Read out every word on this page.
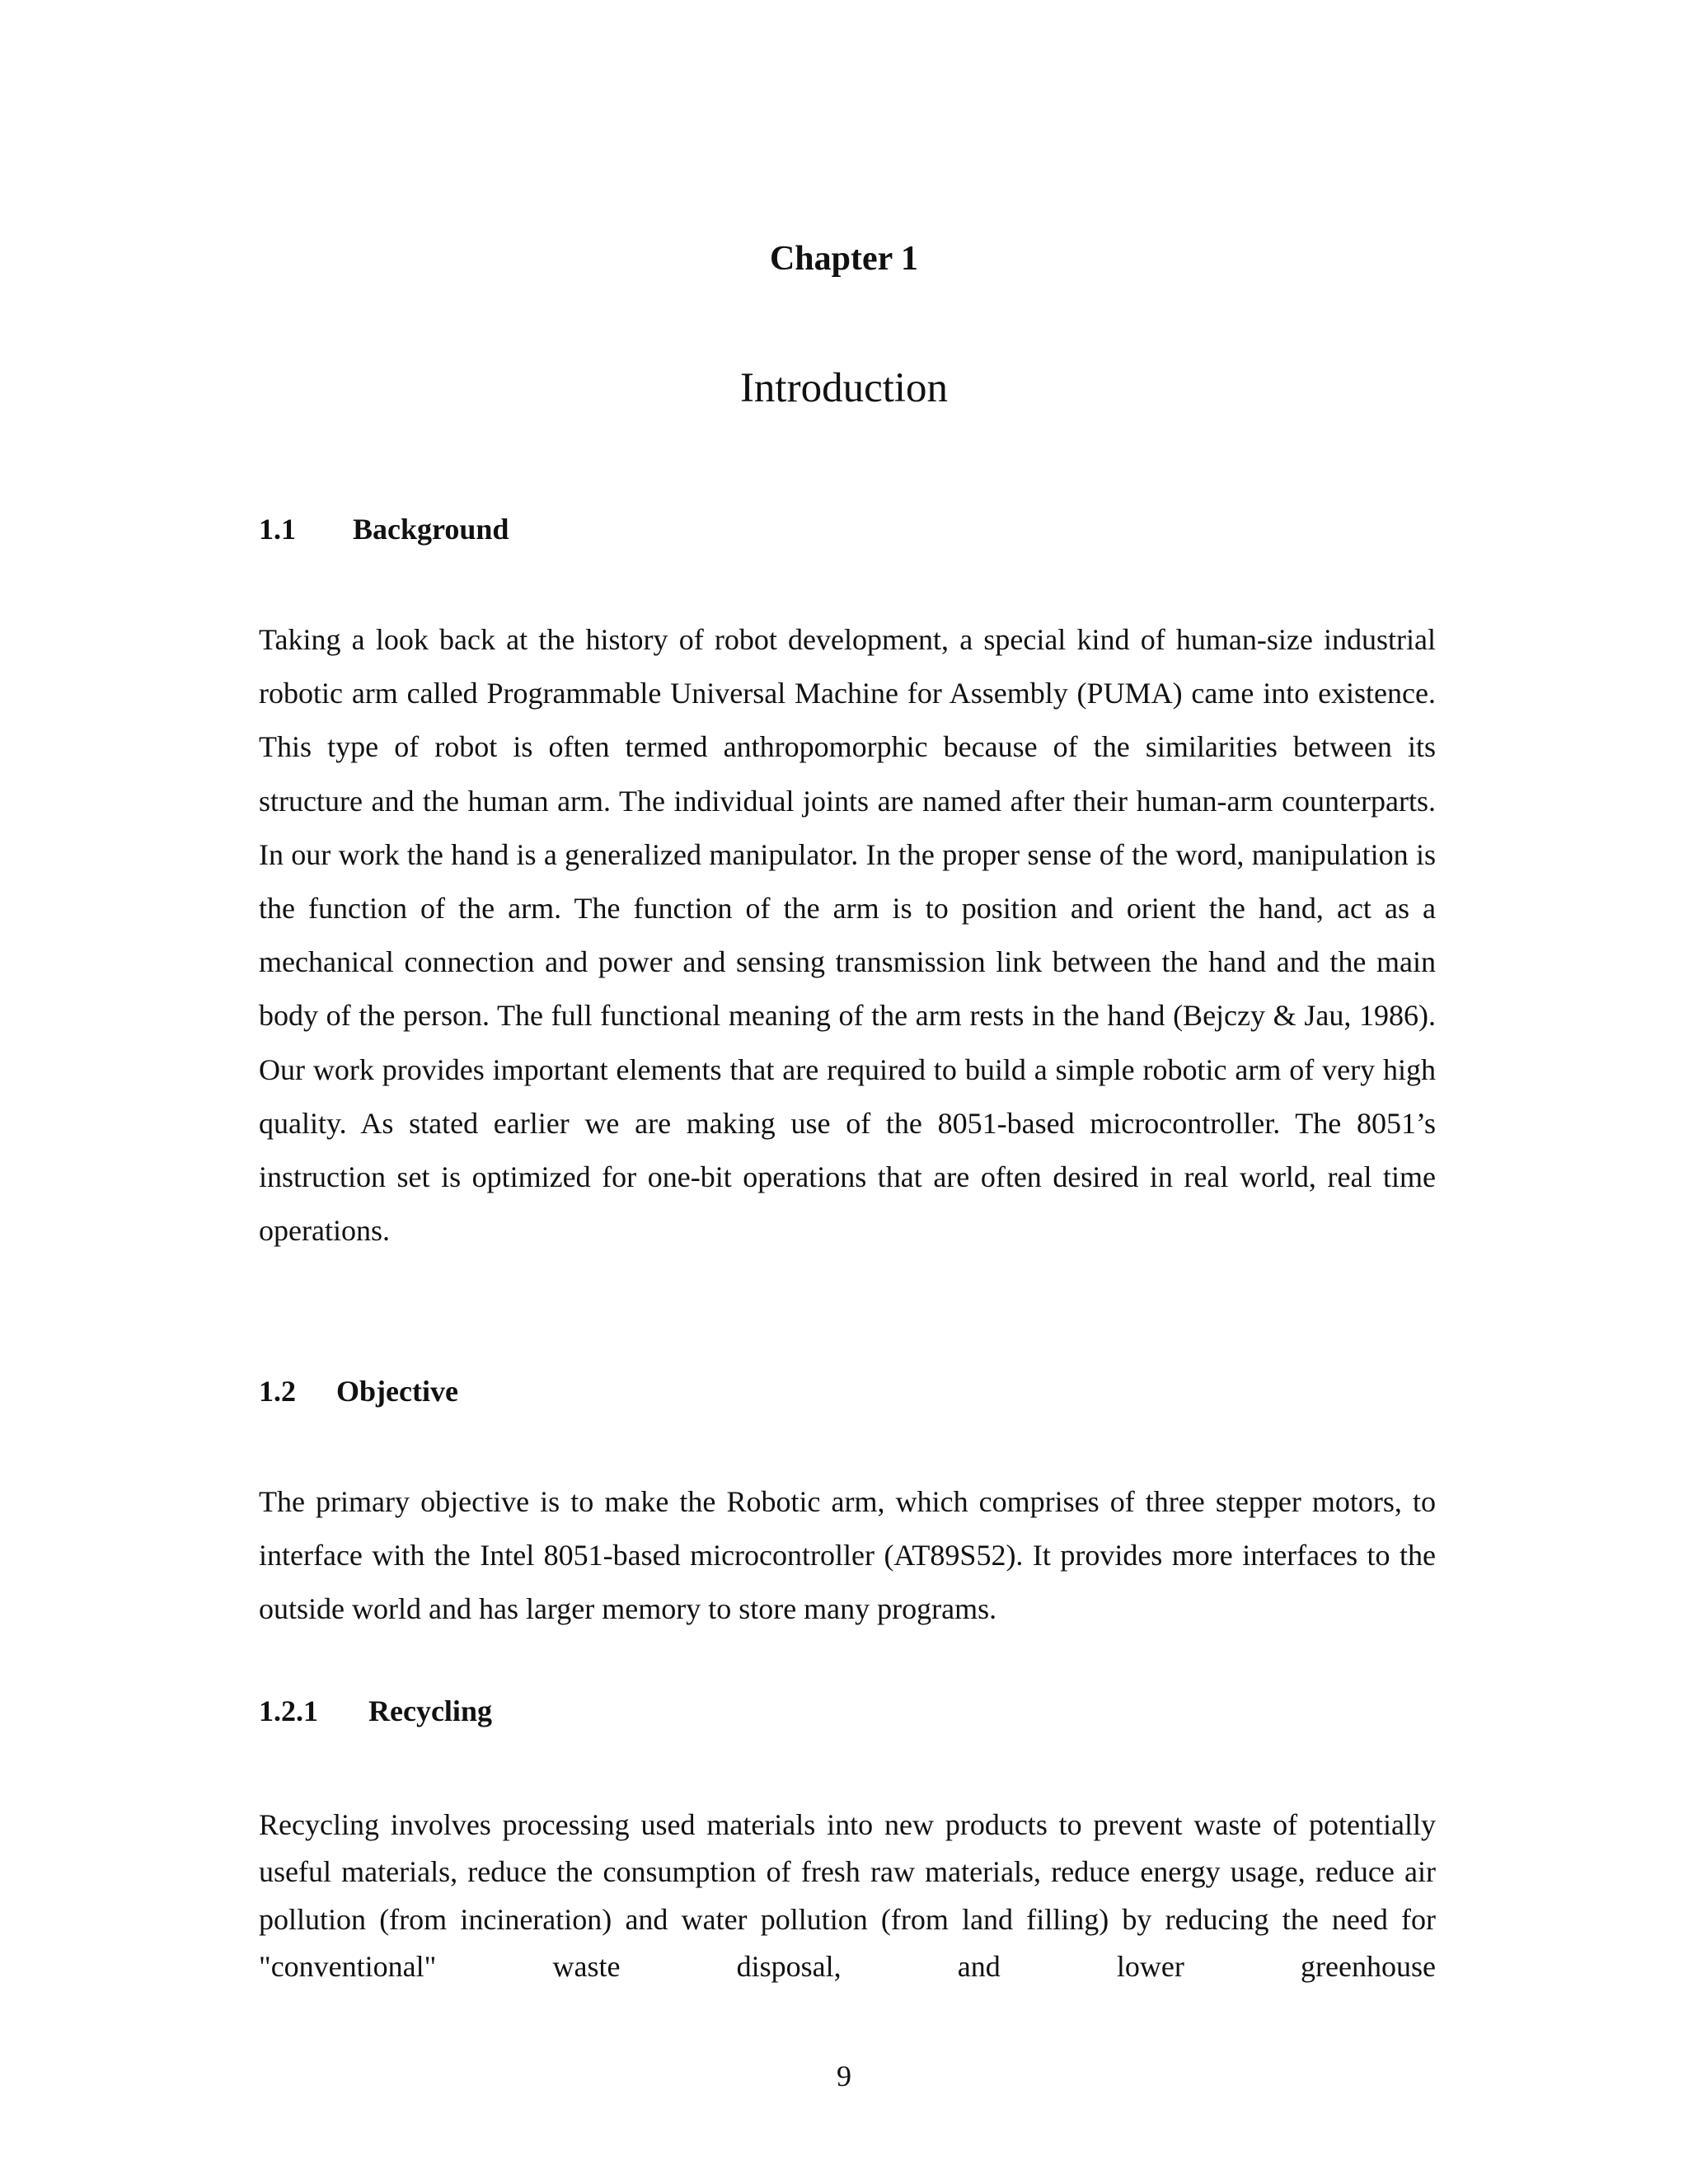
Chapter 1
Introduction
1.1 Background

Taking a look back at the history of robot development, a special kind of human-size industrial robotic arm called Programmable Universal Machine for Assembly (PUMA) came into existence. This type of robot is often termed anthropomorphic because of the similarities between its structure and the human arm. The individual joints are named after their human-arm counterparts. In our work the hand is a generalized manipulator. In the proper sense of the word, manipulation is the function of the arm. The function of the arm is to position and orient the hand, act as a mechanical connection and power and sensing transmission link between the hand and the main body of the person. The full functional meaning of the arm rests in the hand (Bejczy & Jau, 1986). Our work provides important elements that are required to build a simple robotic arm of very high quality. As stated earlier we are making use of the 8051-based microcontroller. The 8051’s instruction set is optimized for one-bit operations that are often desired in real world, real time operations.

1.2 Objective

The primary objective is to make the Robotic arm, which comprises of three stepper motors, to interface with the Intel 8051-based microcontroller (AT89S52). It provides more interfaces to the outside world and has larger memory to store many programs.

1.2.1 Recycling

Recycling involves processing used materials into new products to prevent waste of potentially useful materials, reduce the consumption of fresh raw materials, reduce energy usage, reduce air pollution (from incineration) and water pollution (from land filling) by reducing the need for "conventional" waste disposal, and lower greenhouse

9
